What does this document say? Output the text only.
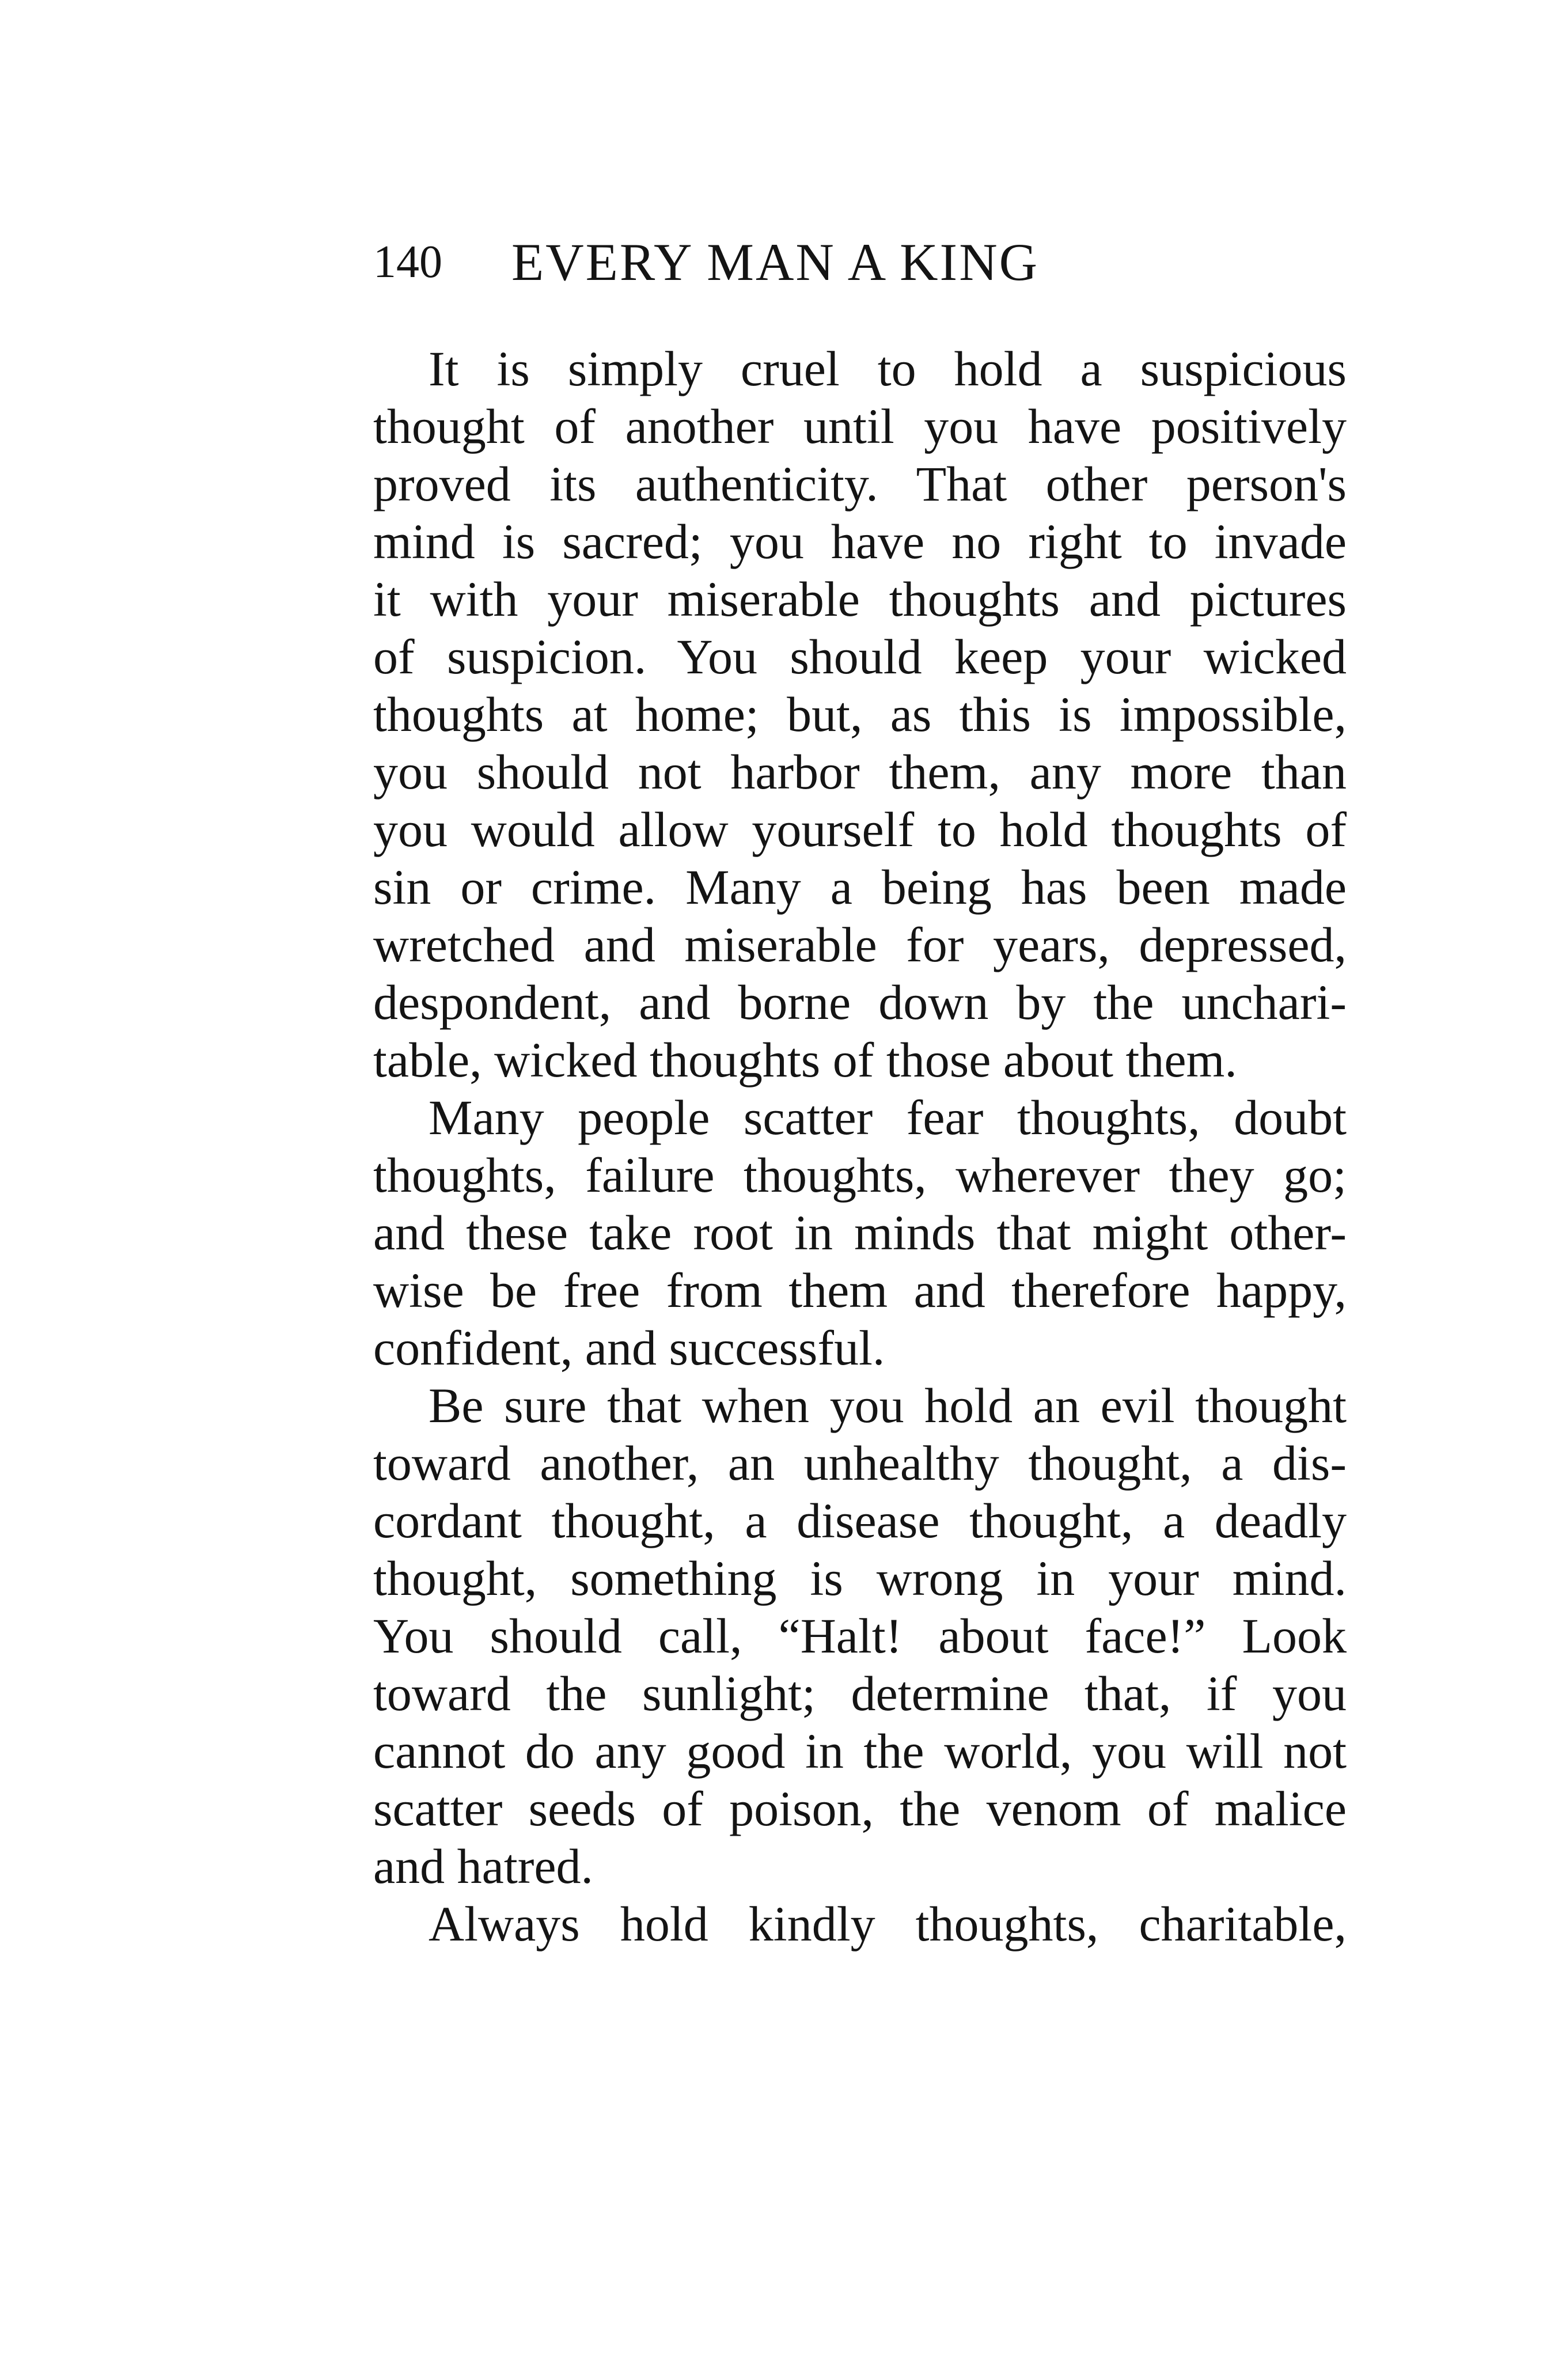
140 EVERY MAN A KING
It is simply cruel to hold a suspicious
thought of another until you have positively
proved its authenticity. That other person's
mind is sacred; you have no right to invade
it with your miserable thoughts and pictures
of suspicion. You should keep your wicked
thoughts at home; but, as this is impossible,
you should not harbor them, any more than
you would allow yourself to hold thoughts of
sin or crime. Many a being has been made
wretched and miserable for years, depressed,
despondent, and borne down by the unchari-
table, wicked thoughts of those about them.
Many people scatter fear thoughts, doubt
thoughts, failure thoughts, wherever they go;
and these take root in minds that might other-
wise be free from them and therefore happy,
confident, and successful.
Be sure that when you hold an evil thought
toward another, an unhealthy thought, a dis-
cordant thought, a disease thought, a deadly
thought, something is wrong in your mind.
You should call, “Halt! about face!” Look
toward the sunlight; determine that, if you
cannot do any good in the world, you will not
scatter seeds of poison, the venom of malice
and hatred.
Always hold kindly thoughts, charitable,
